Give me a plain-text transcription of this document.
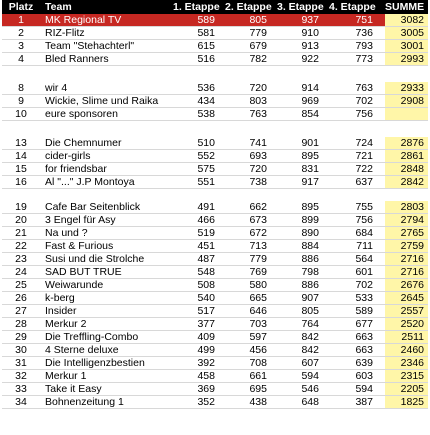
Platz	Team	1. Etappe 2. Etappe 3. Etappe 4. Etappe SUMME
1	MK Regional TV	589	805	937	751	3082
2	RIZ-Flitz	581	779	910	736	3005
3	Team "Stehachterl"	615	679	913	793	3001
4	Bled Ranners	516	782	922	773	2993
8	wir 4	536	720	914	763	2933
9	Wickie, Slime und Raika	434	803	969	702	2908
10	eure sponsoren	538	763	854	756
13	Die Chemnumer	510	741	901	724	2876
14	cider-girls	552	693	895	721	2861
15	for friendsbar	575	720	831	722	2848
16	Al "..." J.P Montoya	551	738	917	637	2842
19	Cafe Bar Seitenblick	491	662	895	755	2803
20	3 Engel für Asy	466	673	899	756	2794
21	Na und ?	519	672	890	684	2765
22	Fast & Furious	451	713	884	711	2759
23	Susi und die Strolche	487	779	886	564	2716
24	SAD BUT TRUE	548	769	798	601	2716
25	Weiwarunde	508	580	886	702	2676
26	k-berg	540	665	907	533	2645
27	Insider	517	646	805	589	2557
28	Merkur 2	377	703	764	677	2520
29	Die Treffling-Combo	409	597	842	663	2511
30	4 Sterne deluxe	499	456	842	663	2460
31	Die Intelligenzbestien	392	708	607	639	2346
32	Merkur 1	458	661	594	603	2315
33	Take it Easy	369	695	546	594	2205
34	Bohnenzeitung 1	352	438	648	387	1825
